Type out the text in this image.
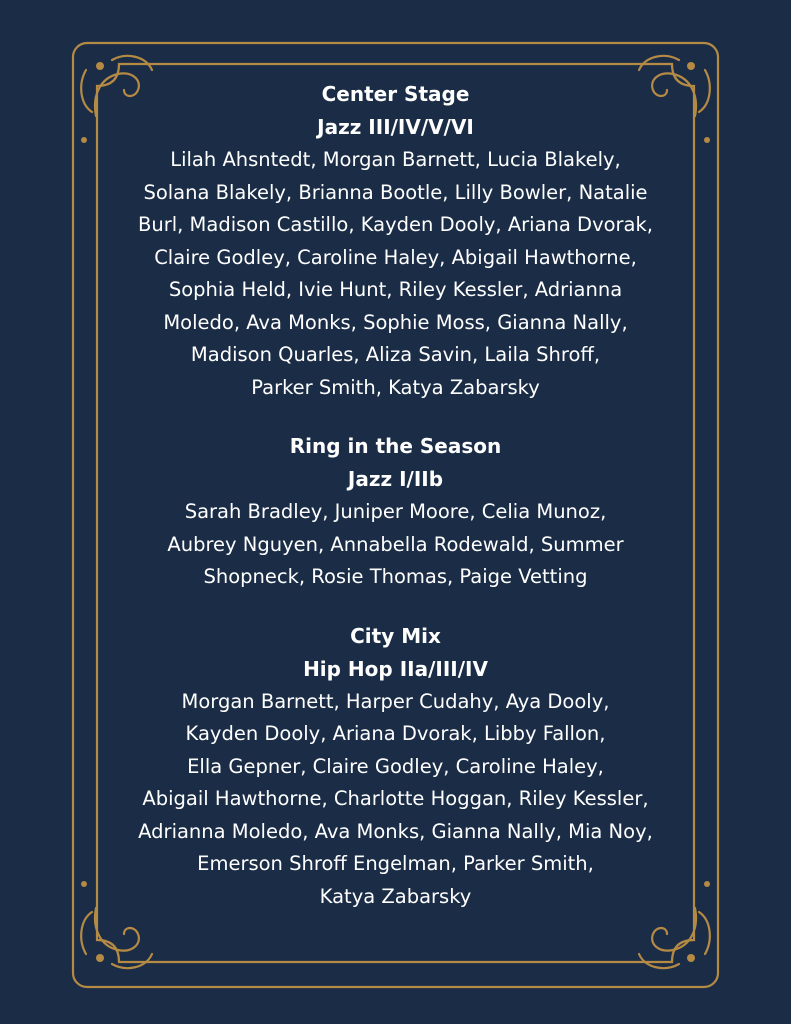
Center Stage

Jazz III/IV/V/VI

Lilah Ahsntedt, Morgan Barnett, Lucia Blakely,
Solana Blakely, Brianna Bootle, Lilly Bowler, Natalie
Burl, Madison Castillo, Kayden Dooly, Ariana Dvorak,
Claire Godley, Caroline Haley, Abigail Hawthorne,
Sophia Held, Ivie Hunt, Riley Kessler, Adrianna
Moledo, Ava Monks, Sophie Moss, Gianna Nally,
Madison Quarles, Aliza Savin, Laila Shroff,
Parker Smith, Katya Zabarsky

Ring in the Season

Jazz I/IIb

Sarah Bradley, Juniper Moore, Celia Munoz,
Aubrey Nguyen, Annabella Rodewald, Summer
Shopneck, Rosie Thomas, Paige Vetting

City Mix

Hip Hop IIa/III/IV

Morgan Barnett, Harper Cudahy, Aya Dooly,
Kayden Dooly, Ariana Dvorak, Libby Fallon,
Ella Gepner, Claire Godley, Caroline Haley,
Abigail Hawthorne, Charlotte Hoggan, Riley Kessler,
Adrianna Moledo, Ava Monks, Gianna Nally, Mia Noy,
Emerson Shroff Engelman, Parker Smith,
Katya Zabarsky
